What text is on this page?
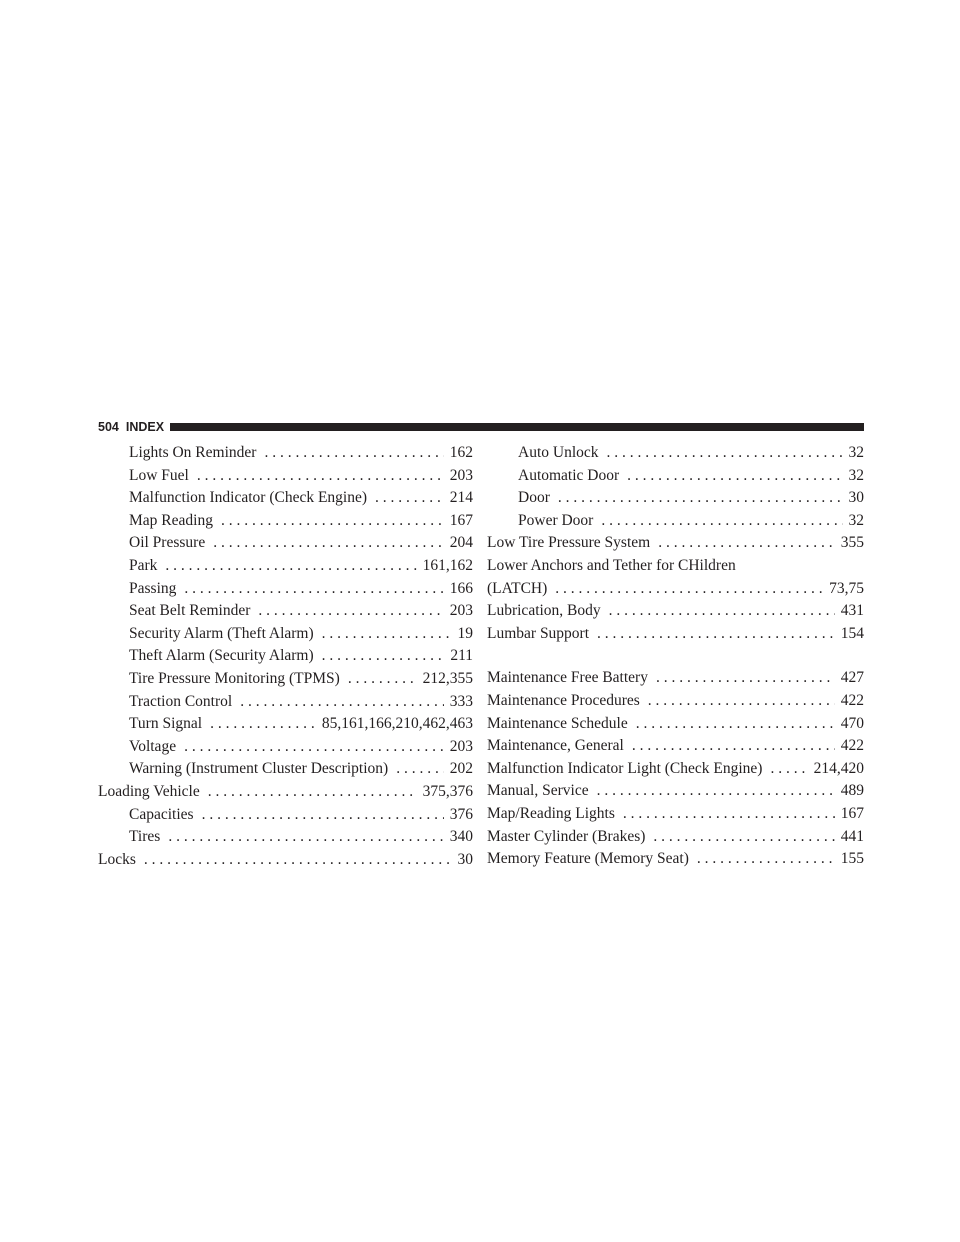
504 INDEX
Lights On Reminder . . .	162
Low Fuel . . .	203
Malfunction Indicator (Check Engine) . . .	214
Map Reading . . .	167
Oil Pressure . . .	204
Park . . .	161,162
Passing . . .	166
Seat Belt Reminder . . .	203
Security Alarm (Theft Alarm) . . .	19
Theft Alarm (Security Alarm) . . .	211
Tire Pressure Monitoring (TPMS) . . .	212,355
Traction Control . . .	333
Turn Signal . . .	85,161,166,210,462,463
Voltage . . .	203
Warning (Instrument Cluster Description) . . .	202
Loading Vehicle . . .	375,376
Capacities . . .	376
Tires . . .	340
Locks . . .	30
Auto Unlock . . .	32
Automatic Door . . .	32
Door . . .	30
Power Door . . .	32
Low Tire Pressure System . . .	355
Lower Anchors and Tether for CHildren
(LATCH) . . .	73,75
Lubrication, Body . . .	431
Lumbar Support . . .	154
Maintenance Free Battery . . .	427
Maintenance Procedures . . .	422
Maintenance Schedule . . .	470
Maintenance, General . . .	422
Malfunction Indicator Light (Check Engine) . . .	214,420
Manual, Service . . .	489
Map/Reading Lights . . .	167
Master Cylinder (Brakes) . . .	441
Memory Feature (Memory Seat) . . .	155
